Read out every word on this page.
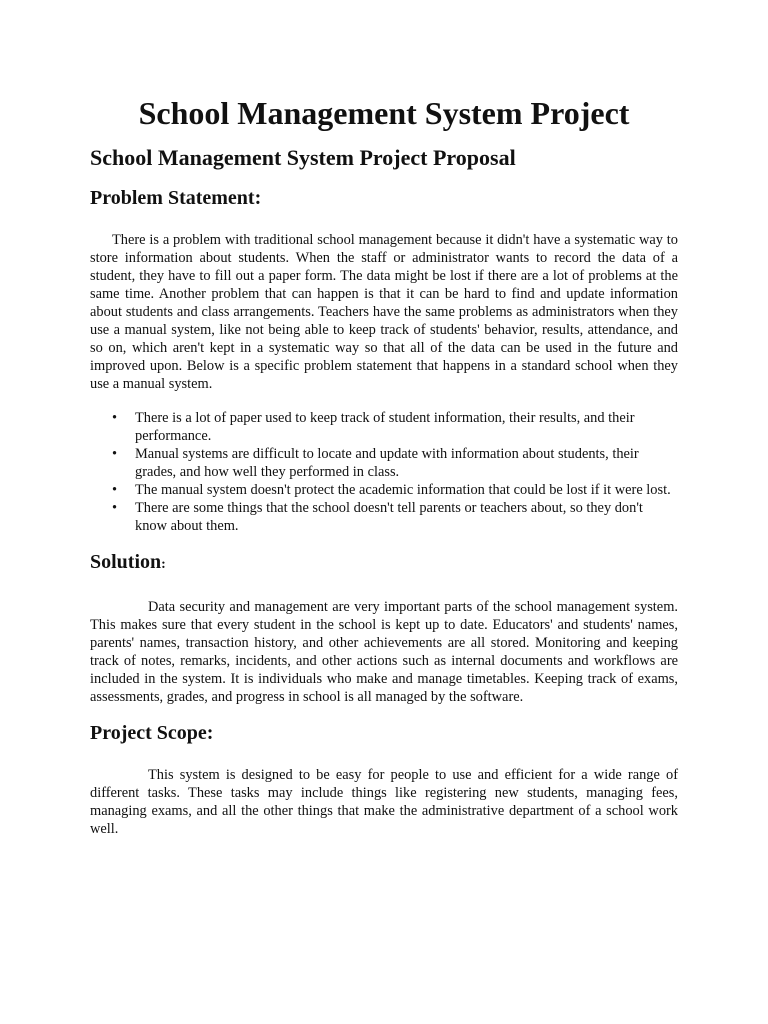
School Management System Project
School Management System Project Proposal
Problem Statement:

There is a problem with traditional school management because it didn't have a systematic way to store information about students. When the staff or administrator wants to record the data of a student, they have to fill out a paper form. The data might be lost if there are a lot of problems at the same time. Another problem that can happen is that it can be hard to find and update information about students and class arrangements. Teachers have the same problems as administrators when they use a manual system, like not being able to keep track of students' behavior, results, attendance, and so on, which aren't kept in a systematic way so that all of the data can be used in the future and improved upon. Below is a specific problem statement that happens in a standard school when they use a manual system.

• There is a lot of paper used to keep track of student information, their results, and their performance.
• Manual systems are difficult to locate and update with information about students, their grades, and how well they performed in class.
• The manual system doesn't protect the academic information that could be lost if it were lost.
• There are some things that the school doesn't tell parents or teachers about, so they don't know about them.
Solution:

Data security and management are very important parts of the school management system. This makes sure that every student in the school is kept up to date. Educators' and students' names, parents' names, transaction history, and other achievements are all stored. Monitoring and keeping track of notes, remarks, incidents, and other actions such as internal documents and workflows are included in the system. It is individuals who make and manage timetables. Keeping track of exams, assessments, grades, and progress in school is all managed by the software.

Project Scope:

This system is designed to be easy for people to use and efficient for a wide range of different tasks. These tasks may include things like registering new students, managing fees, managing exams, and all the other things that make the administrative department of a school work well.
